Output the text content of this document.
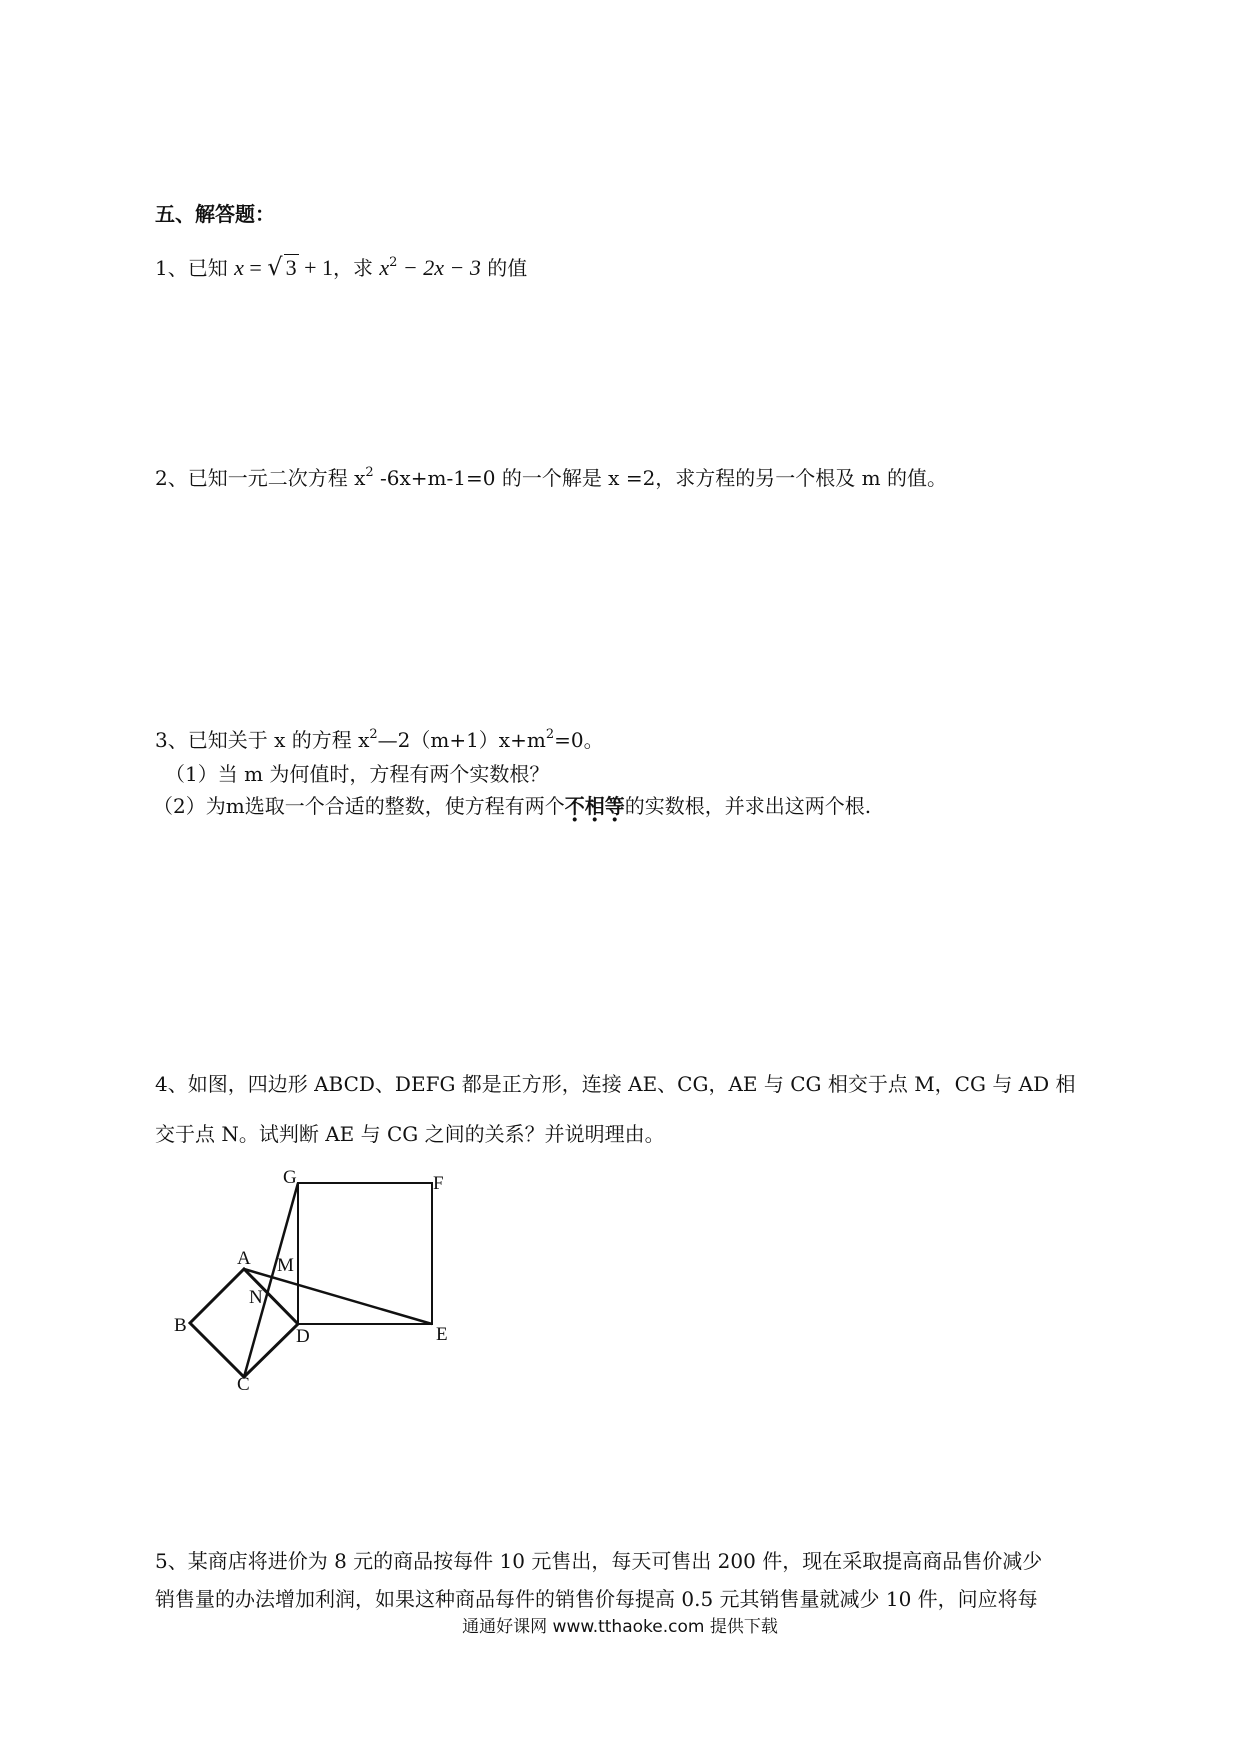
五、解答题：
1、已知 x = √ 3 + 1，求 $x^2 - 2x - 3$ 的值
2、已知一元二次方程 $x^2$ -6x+m-1=0 的一个解是 x =2，求方程的另一个根及 m 的值。
3、已知关于 x 的方程 $x^2—2(m+1)x+m^2=0$。
（1）当 m 为何值时，方程有两个实数根？
（2）为m选取一个合适的整数，使方程有两个不相等的实数根，并求出这两个根.
4、如图，四边形 ABCD、DEFG 都是正方形，连接 AE、CG，AE 与 CG 相交于点 M，CG 与 AD 相
交于点 N。试判断 AE 与 CG 之间的关系？并说明理由。
G	F
A M
N
B
D	E
C
5、某商店将进价为 8 元的商品按每件 10 元售出，每天可售出 200 件，现在采取提高商品售价减少
销售量的办法增加利润，如果这种商品每件的销售价每提高 0.5 元其销售量就减少 10 件，问应将每
通通好课网 www.tthaoke.com 提供下载
